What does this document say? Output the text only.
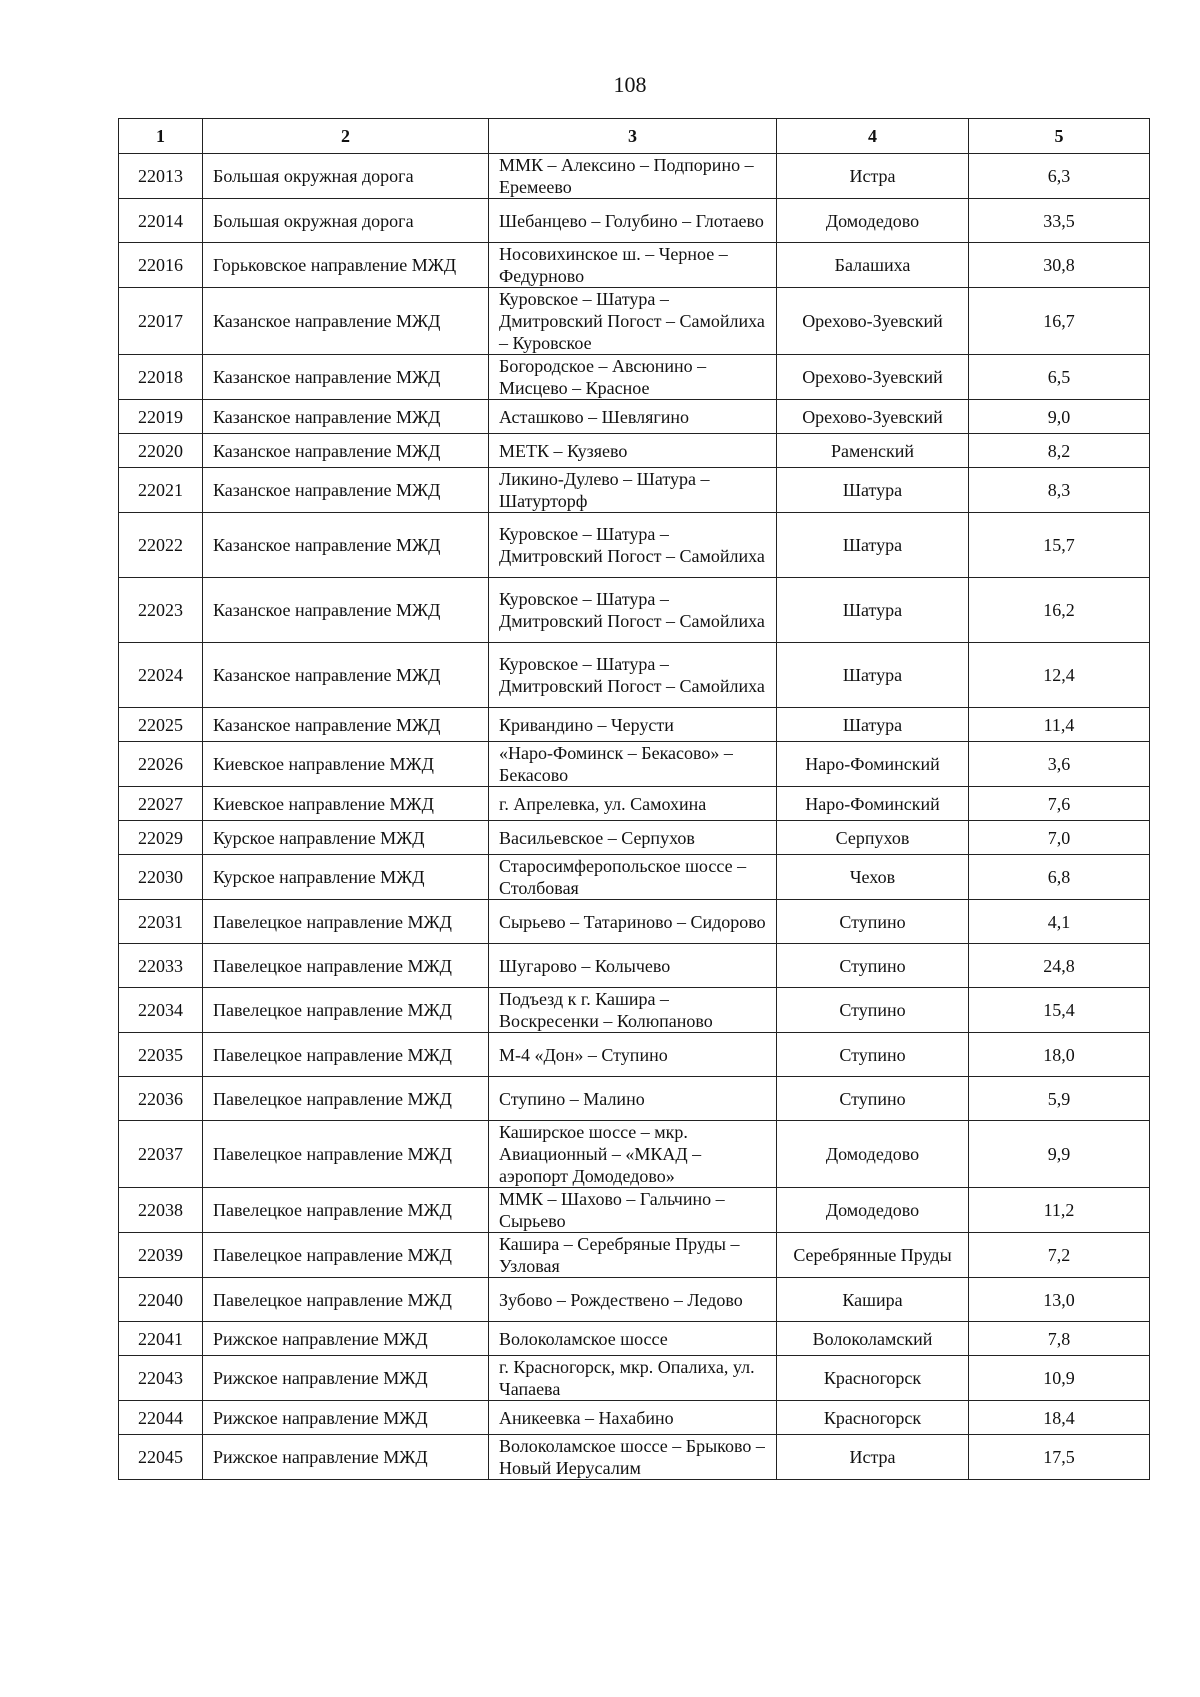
108
1	2	3	4	5
22013	Большая окружная дорога	ММК – Алексино – Подпорино – Еремеево	Истра	6,3
22014	Большая окружная дорога	Шебанцево – Голубино – Глотаево	Домодедово	33,5
22016	Горьковское направление МЖД	Носовихинское ш. – Черное – Федурново	Балашиха	30,8
22017	Казанское направление МЖД	Куровское – Шатура – Дмитровский Погост – Самойлиха – Куровское	Орехово-Зуевский	16,7
22018	Казанское направление МЖД	Богородское – Авсюнино – Мисцево – Красное	Орехово-Зуевский	6,5
22019	Казанское направление МЖД	Асташково – Шевлягино	Орехово-Зуевский	9,0
22020	Казанское направление МЖД	МЕТК – Кузяево	Раменский	8,2
22021	Казанское направление МЖД	Ликино-Дулево – Шатура – Шатурторф	Шатура	8,3
22022	Казанское направление МЖД	Куровское – Шатура – Дмитровский Погост – Самойлиха	Шатура	15,7
22023	Казанское направление МЖД	Куровское – Шатура – Дмитровский Погост – Самойлиха	Шатура	16,2
22024	Казанское направление МЖД	Куровское – Шатура – Дмитровский Погост – Самойлиха	Шатура	12,4
22025	Казанское направление МЖД	Кривандино – Черусти	Шатура	11,4
22026	Киевское направление МЖД	«Наро-Фоминск – Бекасово» – Бекасово	Наро-Фоминский	3,6
22027	Киевское направление МЖД	г. Апрелевка, ул. Самохина	Наро-Фоминский	7,6
22029	Курское направление МЖД	Васильевское – Серпухов	Серпухов	7,0
22030	Курское направление МЖД	Старосимферопольское шоссе – Столбовая	Чехов	6,8
22031	Павелецкое направление МЖД	Сырьево – Татариново – Сидорово	Ступино	4,1
22033	Павелецкое направление МЖД	Шугарово – Колычево	Ступино	24,8
22034	Павелецкое направление МЖД	Подъезд к г. Кашира – Воскресенки – Колюпаново	Ступино	15,4
22035	Павелецкое направление МЖД	М-4 «Дон» – Ступино	Ступино	18,0
22036	Павелецкое направление МЖД	Ступино – Малино	Ступино	5,9
22037	Павелецкое направление МЖД	Каширское шоссе – мкр. Авиационный – «МКАД – аэропорт Домодедово»	Домодедово	9,9
22038	Павелецкое направление МЖД	ММК – Шахово – Гальчино – Сырьево	Домодедово	11,2
22039	Павелецкое направление МЖД	Кашира – Серебряные Пруды – Узловая	Серебрянные Пруды	7,2
22040	Павелецкое направление МЖД	Зубово – Рождествено – Ледово	Кашира	13,0
22041	Рижское направление МЖД	Волоколамское шоссе	Волоколамский	7,8
22043	Рижское направление МЖД	г. Красногорск, мкр. Опалиха, ул. Чапаева	Красногорск	10,9
22044	Рижское направление МЖД	Аникеевка – Нахабино	Красногорск	18,4
22045	Рижское направление МЖД	Волоколамское шоссе – Брыково – Новый Иерусалим	Истра	17,5
